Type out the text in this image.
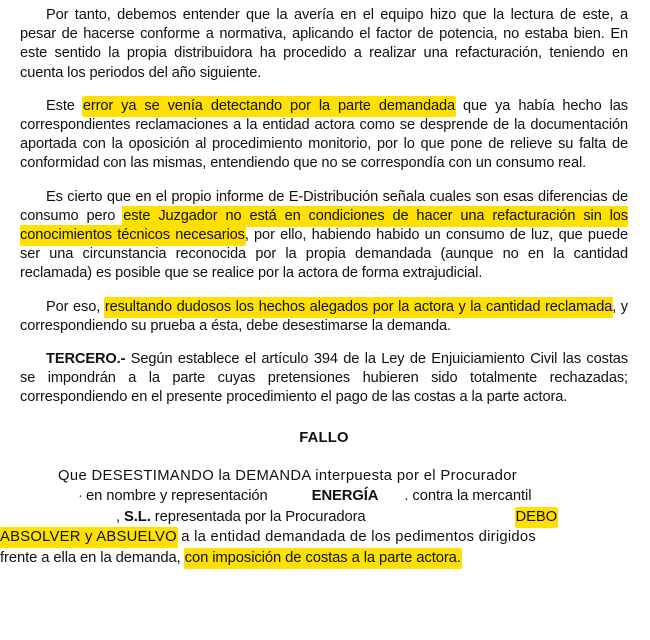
Por tanto, debemos entender que la avería en el equipo hizo que la lectura de este, a pesar de hacerse conforme a normativa, aplicando el factor de potencia, no estaba bien. En este sentido la propia distribuidora ha procedido a realizar una refacturación, teniendo en cuenta los periodos del año siguiente.
Este error ya se venía detectando por la parte demandada que ya había hecho las correspondientes reclamaciones a la entidad actora como se desprende de la documentación aportada con la oposición al procedimiento monitorio, por lo que pone de relieve su falta de conformidad con las mismas, entendiendo que no se correspondía con un consumo real.
Es cierto que en el propio informe de E-Distribución señala cuales son esas diferencias de consumo pero este Juzgador no está en condiciones de hacer una refacturación sin los conocimientos técnicos necesarios, por ello, habiendo habido un consumo de luz, que puede ser una circunstancia reconocida por la propia demandada (aunque no en la cantidad reclamada) es posible que se realice por la actora de forma extrajudicial.
Por eso, resultando dudosos los hechos alegados por la actora y la cantidad reclamada, y correspondiendo su prueba a ésta, debe desestimarse la demanda.
TERCERO.- Según establece el artículo 394 de la Ley de Enjuiciamiento Civil las costas se impondrán a la parte cuyas pretensiones hubieren sido totalmente rechazadas; correspondiendo en el presente procedimiento el pago de las costas a la parte actora.
FALLO
Que DESESTIMANDO la DEMANDA interpuesta por el Procurador
· en nombre y representación	ENERGÍA . contra la mercantil
, S.L. representada por la Procuradora	DEBO
ABSOLVER y ABSUELVO a la entidad demandada de los pedimentos dirigidos
frente a ella en la demanda, con imposición de costas a la parte actora.
